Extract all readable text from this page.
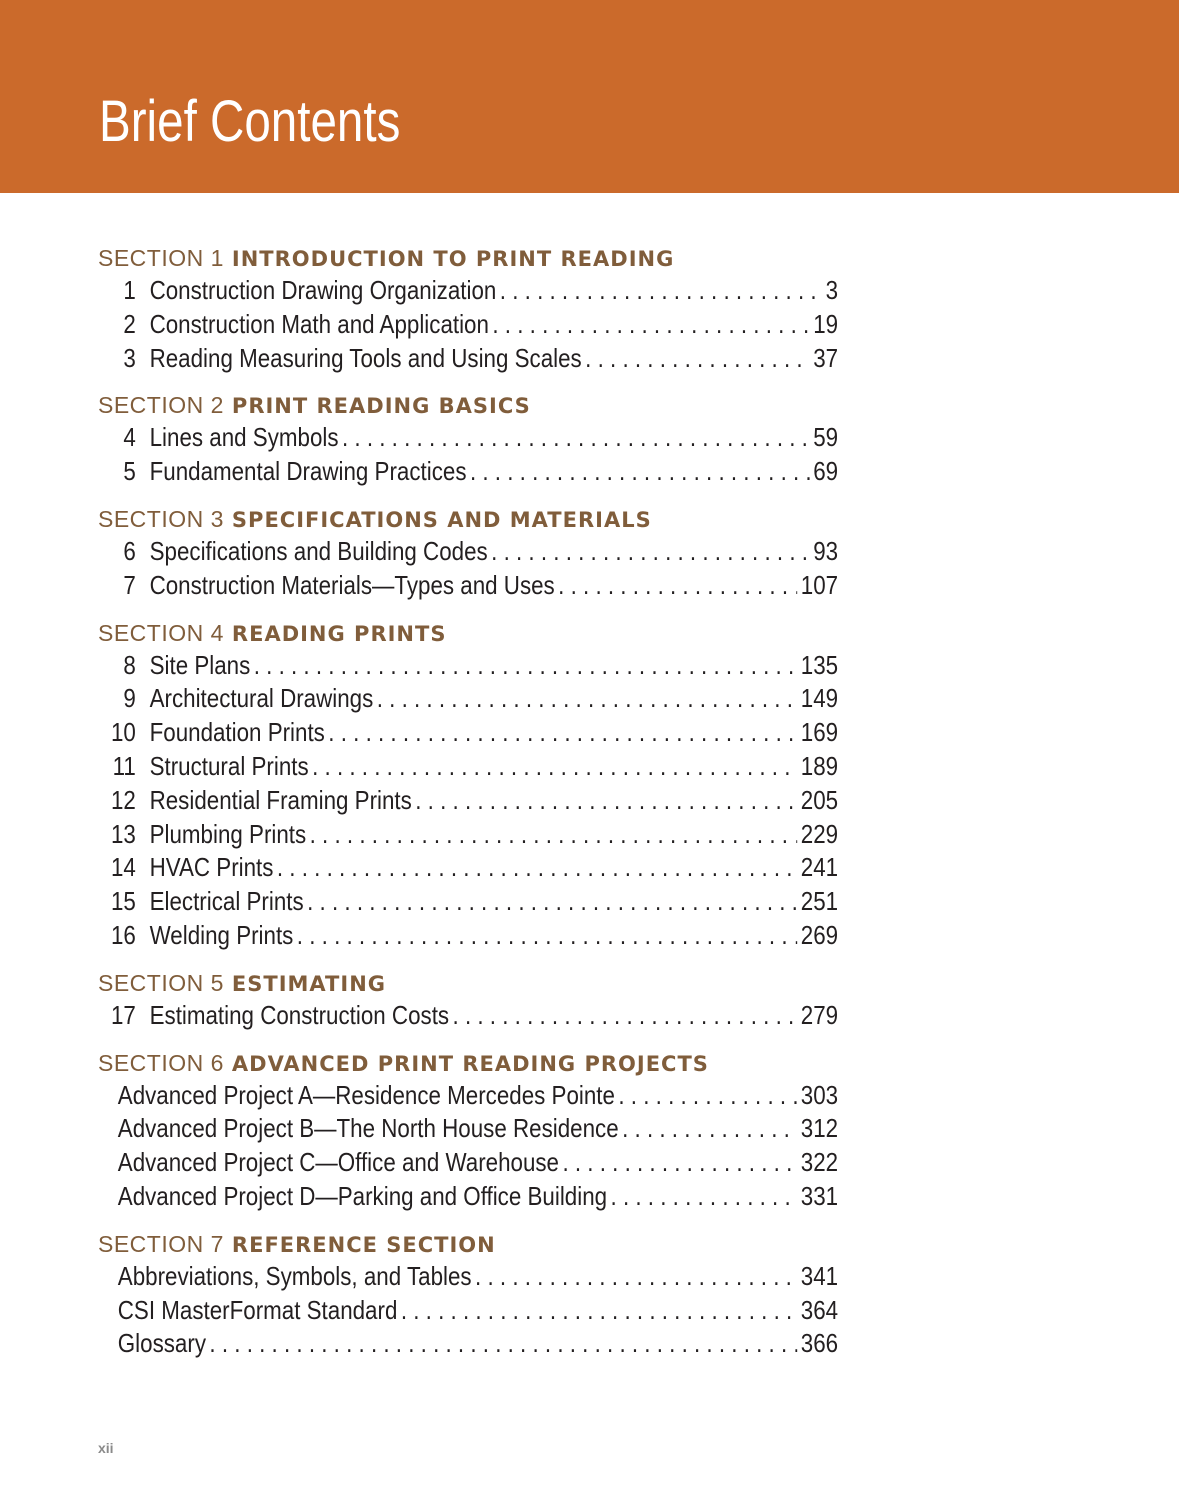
Brief Contents
SECTION 1 INTRODUCTION TO PRINT READING
1 Construction Drawing Organization . . .	3
2 Construction Math and Application . . .	19
3 Reading Measuring Tools and Using Scales . . .	37
SECTION 2 PRINT READING BASICS
4 Lines and Symbols . . .	59
5 Fundamental Drawing Practices . . .	69
SECTION 3 SPECIFICATIONS AND MATERIALS
6 Specifications and Building Codes . . .	93
7 Construction Materials—Types and Uses . . .	107
SECTION 4 READING PRINTS
8 Site Plans . . .	135
9 Architectural Drawings . . .	149
10 Foundation Prints . . .	169
11 Structural Prints . . .	189
12 Residential Framing Prints . . .	205
13 Plumbing Prints . . .	229
14 HVAC Prints . . .	241
15 Electrical Prints . . .	251
16 Welding Prints . . .	269
SECTION 5 ESTIMATING
17 Estimating Construction Costs . . .	279
SECTION 6 ADVANCED PRINT READING PROJECTS
Advanced Project A—Residence Mercedes Pointe . . .	303
Advanced Project B—The North House Residence . . .	312
Advanced Project C—Office and Warehouse . . .	322
Advanced Project D—Parking and Office Building . . .	331
SECTION 7 REFERENCE SECTION
Abbreviations, Symbols, and Tables . . .	341
CSI MasterFormat Standard . . .	364
Glossary . . .	366
xii
